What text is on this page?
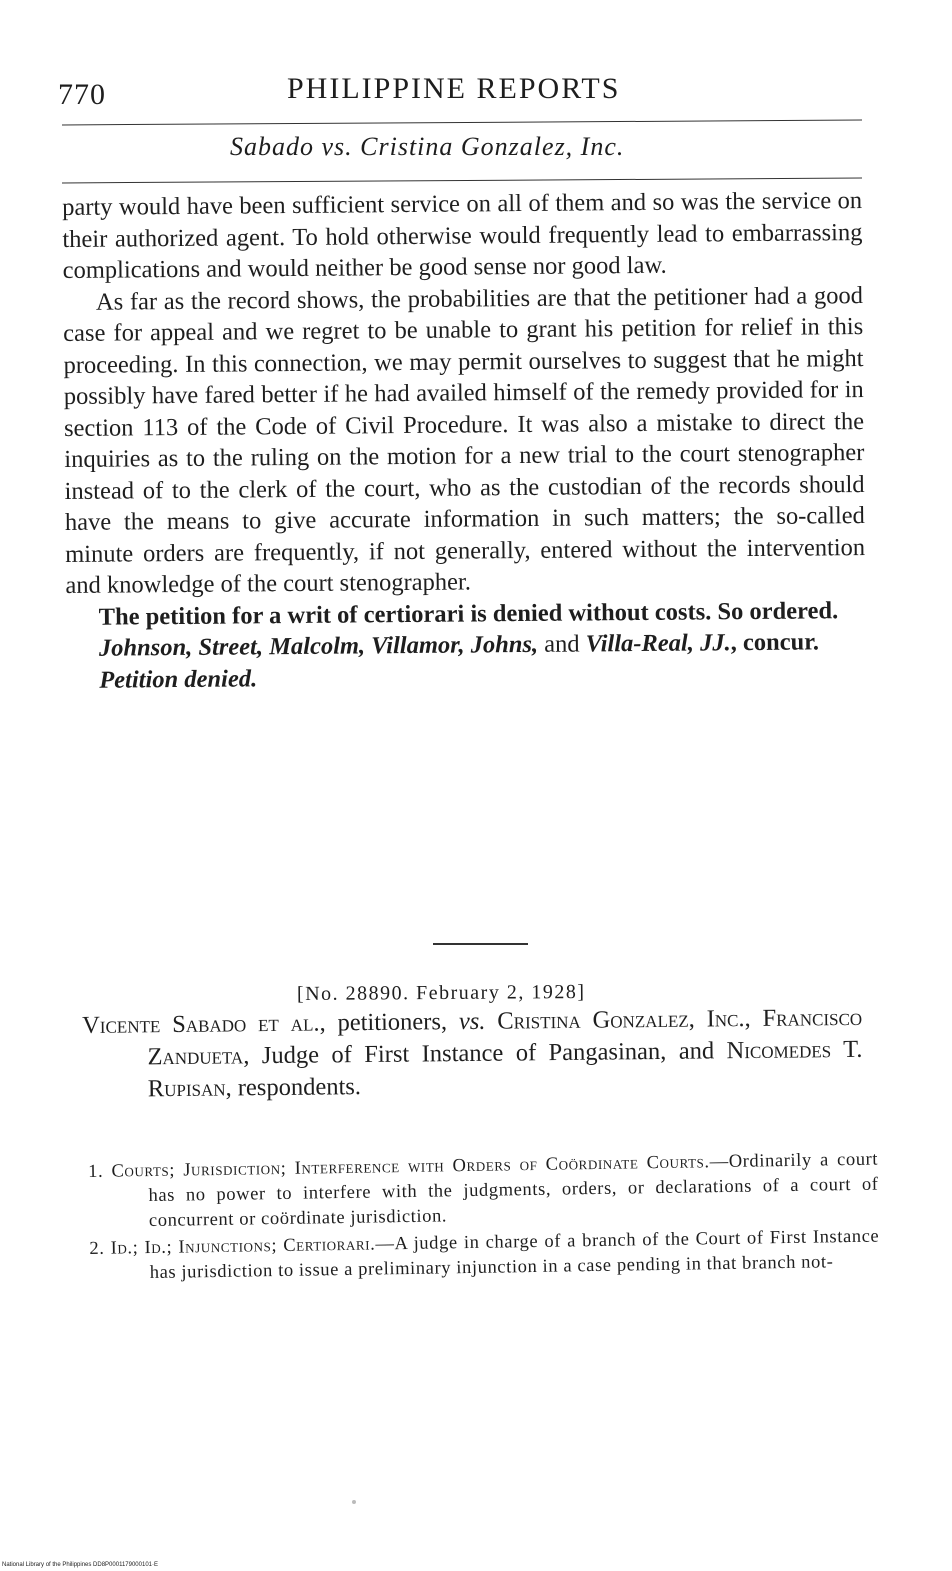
770	PHILIPPINE REPORTS
Sabado vs. Cristina Gonzalez, Inc.

party would have been sufficient service on all of them and so was the service on their authorized agent. To hold otherwise would frequently lead to embarrassing complications and would neither be good sense nor good law.

As far as the record shows, the probabilities are that the petitioner had a good case for appeal and we regret to be unable to grant his petition for relief in this proceeding. In this connection, we may permit ourselves to suggest that he might possibly have fared better if he had availed himself of the remedy provided for in section 113 of the Code of Civil Procedure. It was also a mistake to direct the inquiries as to the ruling on the motion for a new trial to the court stenographer instead of to the clerk of the court, who as the custodian of the records should have the means to give accurate information in such matters; the so-called minute orders are frequently, if not generally, entered without the intervention and knowledge of the court stenographer.

The petition for a writ of certiorari is denied without costs. So ordered.

Johnson, Street, Malcolm, Villamor, Johns, and Villa-Real, JJ., concur.

Petition denied.

[No. 28890. February 2, 1928]

Vicente Sabado et al., petitioners, vs. Cristina Gonzalez, Inc., Francisco Zandueta, Judge of First Instance of Pangasinan, and Nicomedes T. Rupisan, respondents.

1. Courts; Jurisdiction; Interference with Orders of Coördinate Courts.—Ordinarily a court has no power to interfere with the judgments, orders, or declarations of a court of concurrent or coördinate jurisdiction.

2. Id.; Id.; Injunctions; Certiorari.—A judge in charge of a branch of the Court of First Instance has jurisdiction to issue a preliminary injunction in a case pending in that branch not-

National Library of the Philippines DD8P0001179000101·E
